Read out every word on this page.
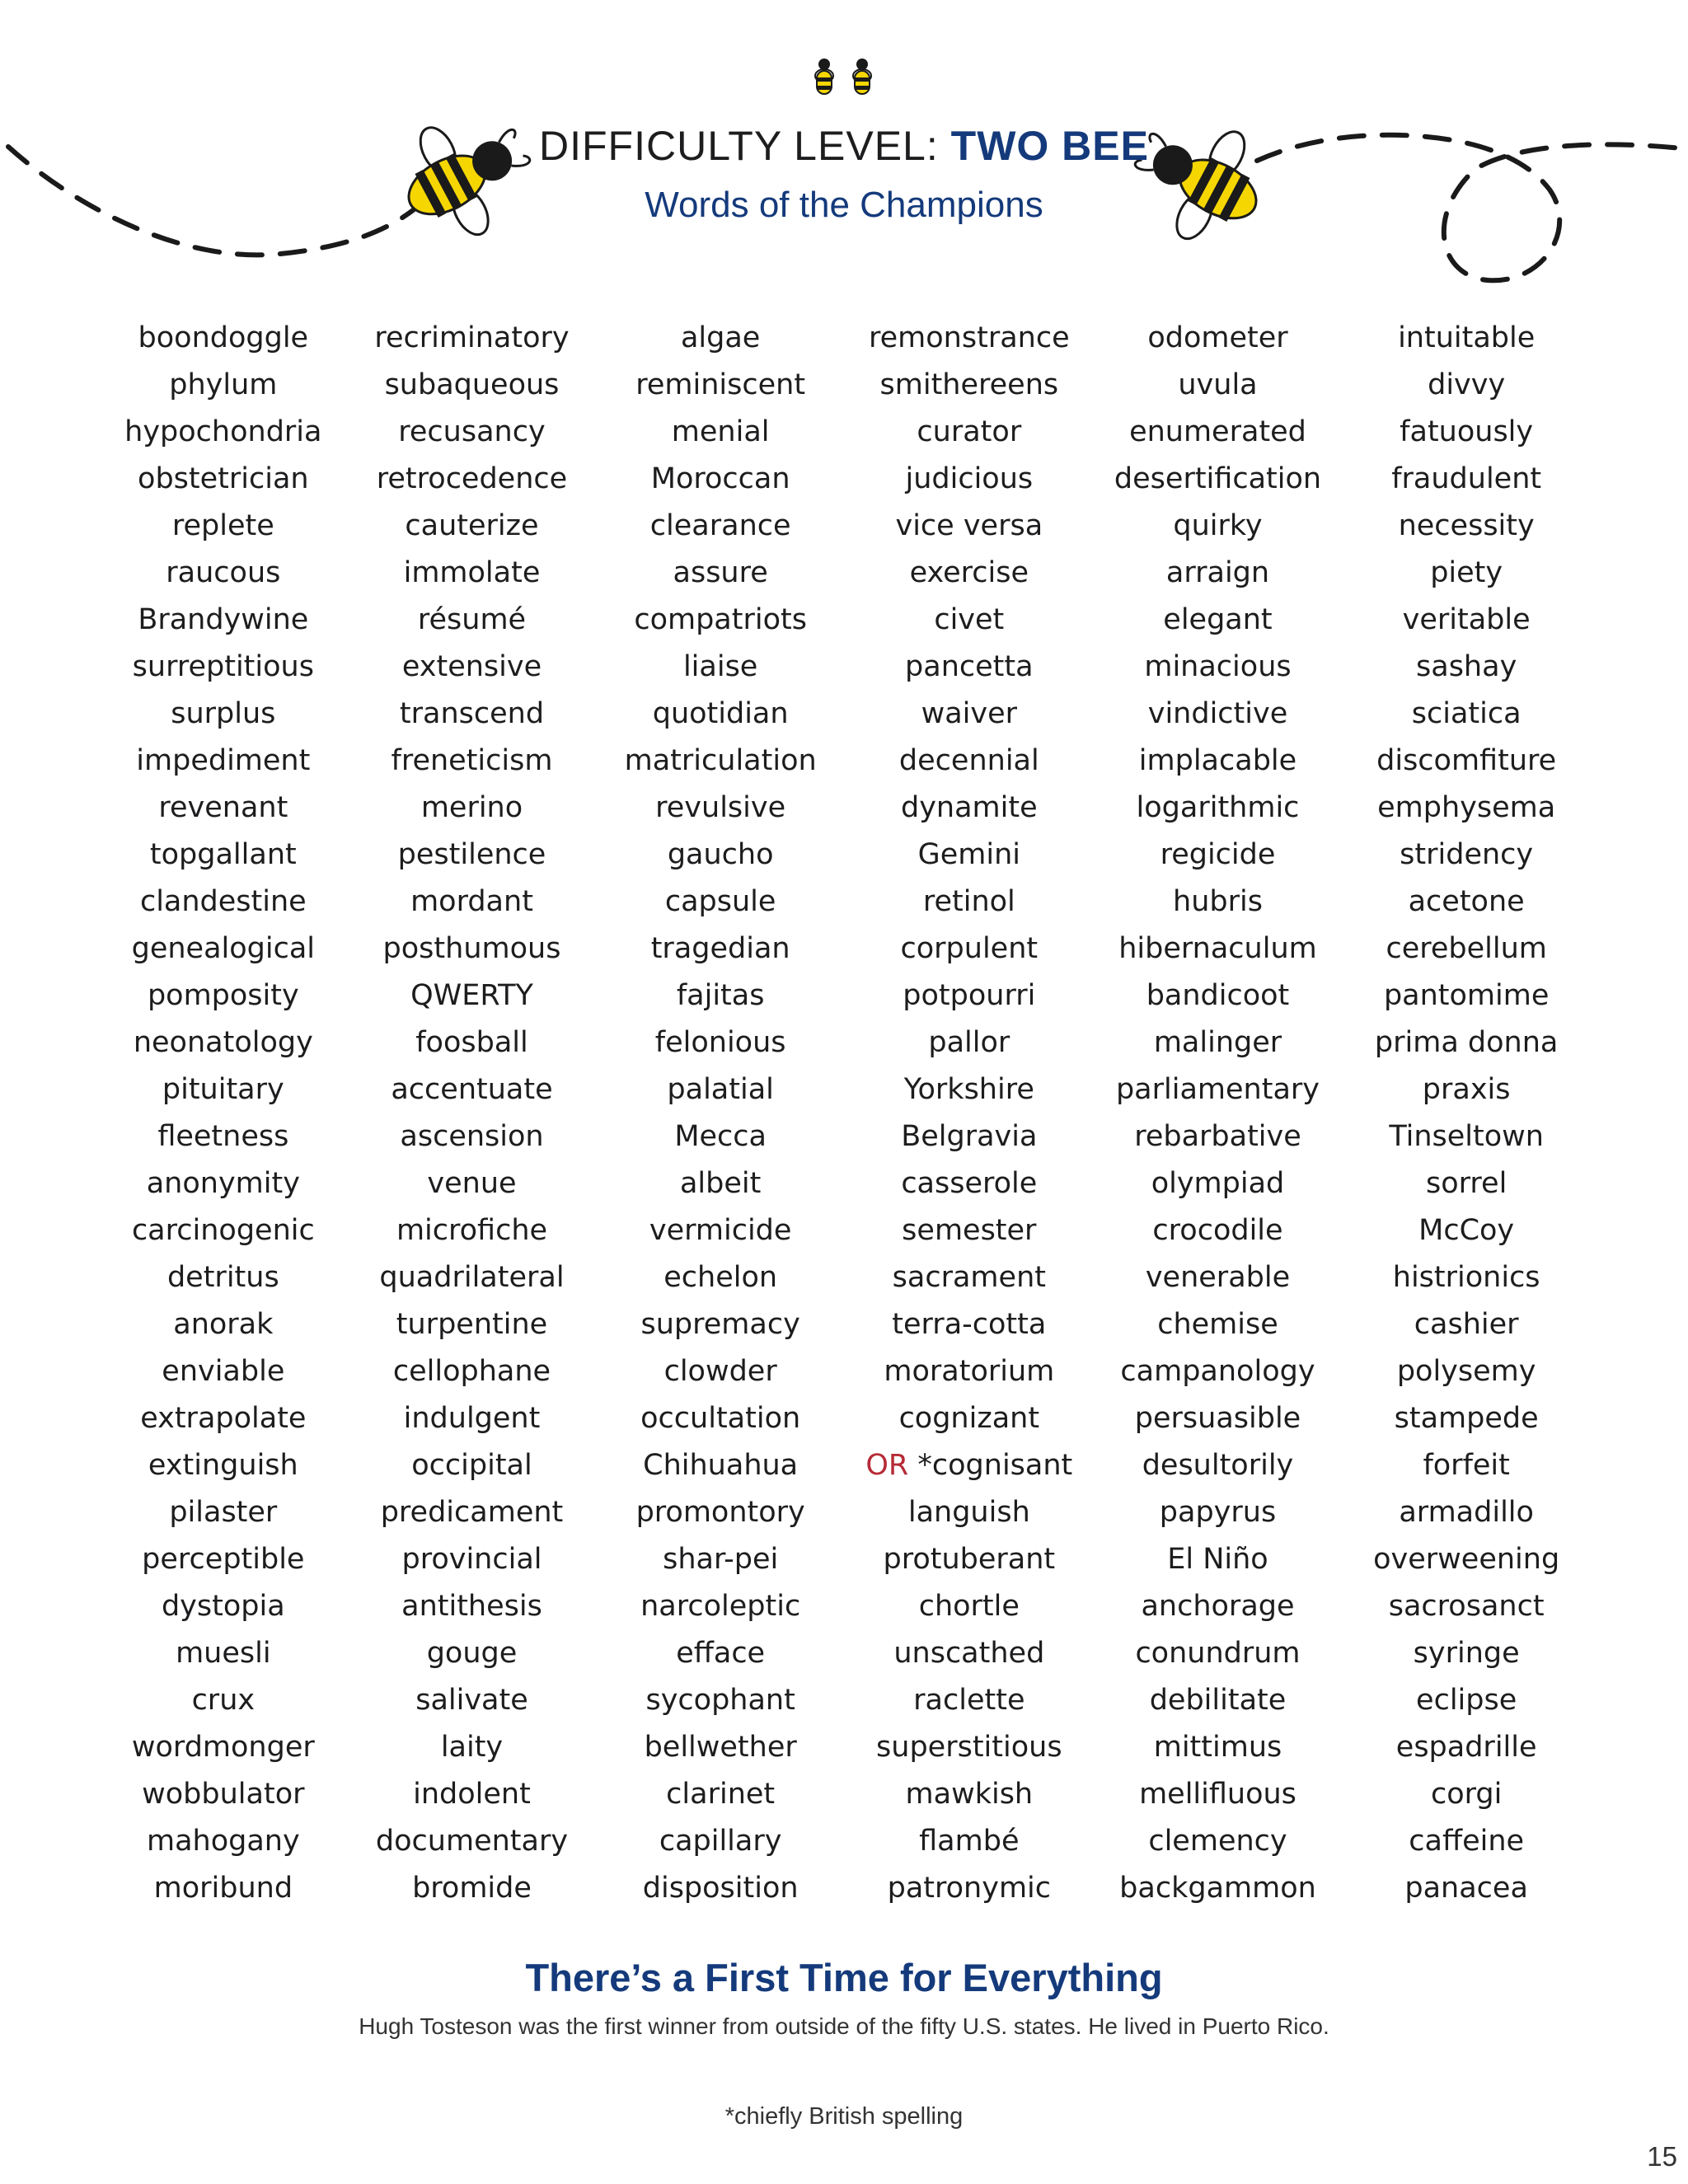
DIFFICULTY LEVEL: TWO BEE
Words of the Champions
boondoggle
phylum
hypochondria
obstetrician
replete
raucous
Brandywine
surreptitious
surplus
impediment
revenant
topgallant
clandestine
genealogical
pomposity
neonatology
pituitary
fleetness
anonymity
carcinogenic
detritus
anorak
enviable
extrapolate
extinguish
pilaster
perceptible
dystopia
muesli
crux
wordmonger
wobbulator
mahogany
moribund
recriminatory
subaqueous
recusancy
retrocedence
cauterize
immolate
résumé
extensive
transcend
freneticism
merino
pestilence
mordant
posthumous
QWERTY
foosball
accentuate
ascension
venue
microfiche
quadrilateral
turpentine
cellophane
indulgent
occipital
predicament
provincial
antithesis
gouge
salivate
laity
indolent
documentary
bromide
algae
reminiscent
menial
Moroccan
clearance
assure
compatriots
liaise
quotidian
matriculation
revulsive
gaucho
capsule
tragedian
fajitas
felonious
palatial
Mecca
albeit
vermicide
echelon
supremacy
clowder
occultation
Chihuahua
promontory
shar-pei
narcoleptic
efface
sycophant
bellwether
clarinet
capillary
disposition
remonstrance
smithereens
curator
judicious
vice versa
exercise
civet
pancetta
waiver
decennial
dynamite
Gemini
retinol
corpulent
potpourri
pallor
Yorkshire
Belgravia
casserole
semester
sacrament
terra-cotta
moratorium
cognizant
OR *cognisant
languish
protuberant
chortle
unscathed
raclette
superstitious
mawkish
flambé
patronymic
odometer
uvula
enumerated
desertification
quirky
arraign
elegant
minacious
vindictive
implacable
logarithmic
regicide
hubris
hibernaculum
bandicoot
malinger
parliamentary
rebarbative
olympiad
crocodile
venerable
chemise
campanology
persuasible
desultorily
papyrus
El Niño
anchorage
conundrum
debilitate
mittimus
mellifluous
clemency
backgammon
intuitable
divvy
fatuously
fraudulent
necessity
piety
veritable
sashay
sciatica
discomfiture
emphysema
stridency
acetone
cerebellum
pantomime
prima donna
praxis
Tinseltown
sorrel
McCoy
histrionics
cashier
polysemy
stampede
forfeit
armadillo
overweening
sacrosanct
syringe
eclipse
espadrille
corgi
caffeine
panacea
There’s a First Time for Everything
Hugh Tosteson was the first winner from outside of the fifty U.S. states. He lived in Puerto Rico.
*chiefly British spelling
15
